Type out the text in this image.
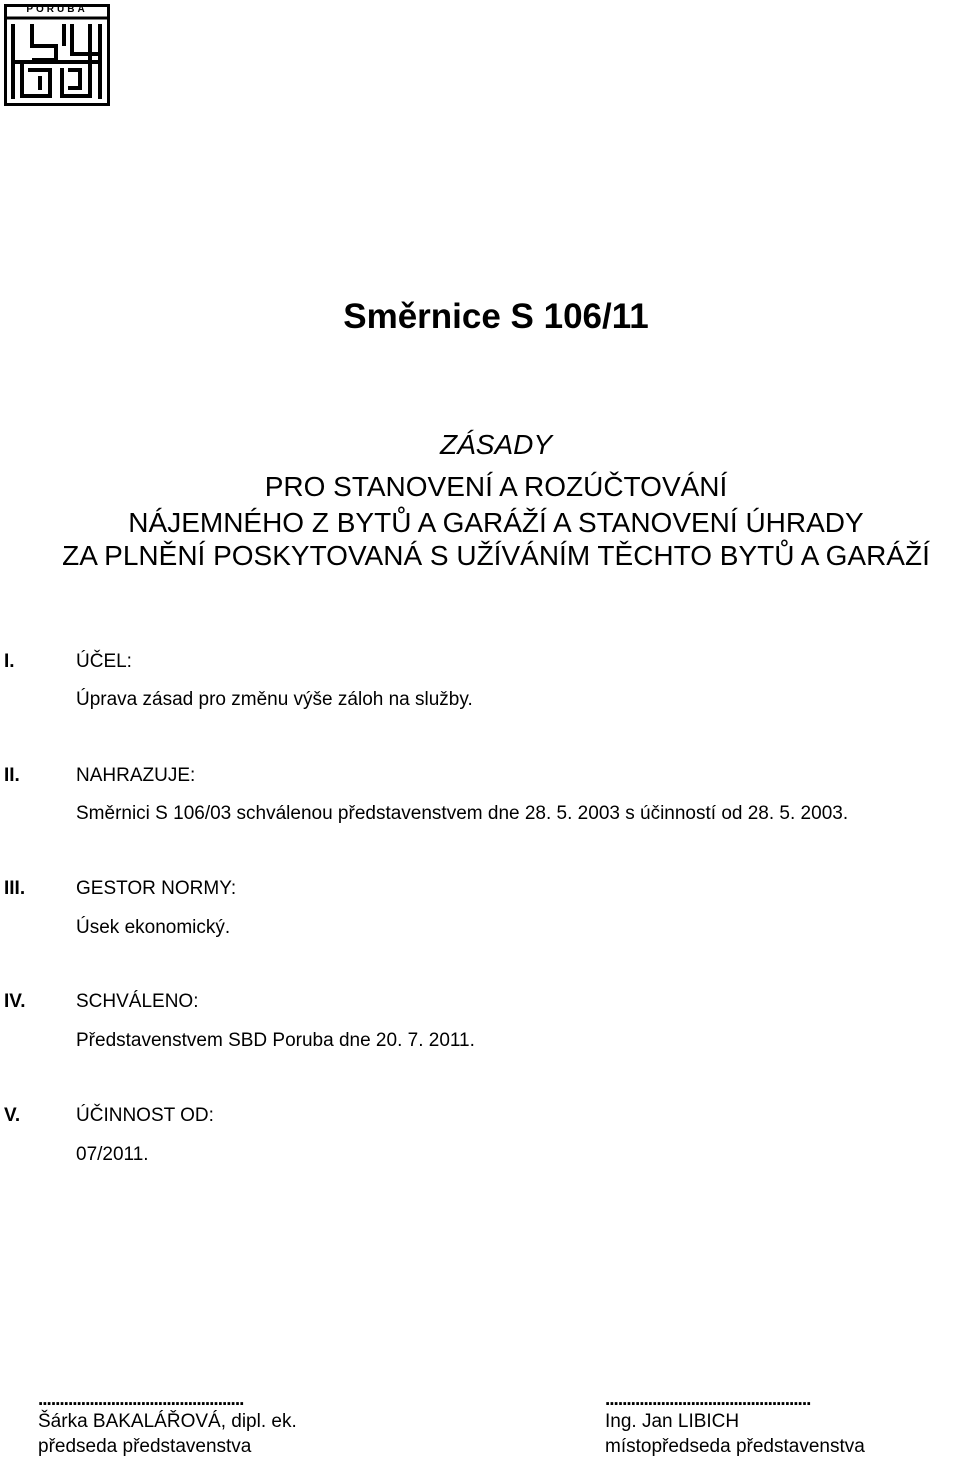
PORUBA
Směrnice S 106/11
ZÁSADY
PRO STANOVENÍ A ROZÚČTOVÁNÍ
NÁJEMNÉHO Z BYTŮ A GARÁŽÍ A STANOVENÍ ÚHRADY
ZA PLNĚNÍ POSKYTOVANÁ S UŽÍVÁNÍM TĚCHTO BYTŮ A GARÁŽÍ
I.	ÚČEL:
Úprava zásad pro změnu výše záloh na služby.
II.	NAHRAZUJE:
Směrnici S 106/03 schválenou představenstvem dne 28. 5. 2003 s účinností od 28. 5. 2003.
III.	GESTOR NORMY:
Úsek ekonomický.
IV.	SCHVÁLENO:
Představenstvem SBD Poruba dne 20. 7. 2011.
V.	ÚČINNOST OD:
07/2011.
................................................
Šárka BAKALÁŘOVÁ, dipl. ek.
předseda představenstva
................................................
Ing. Jan LIBICH
místopředseda představenstva
